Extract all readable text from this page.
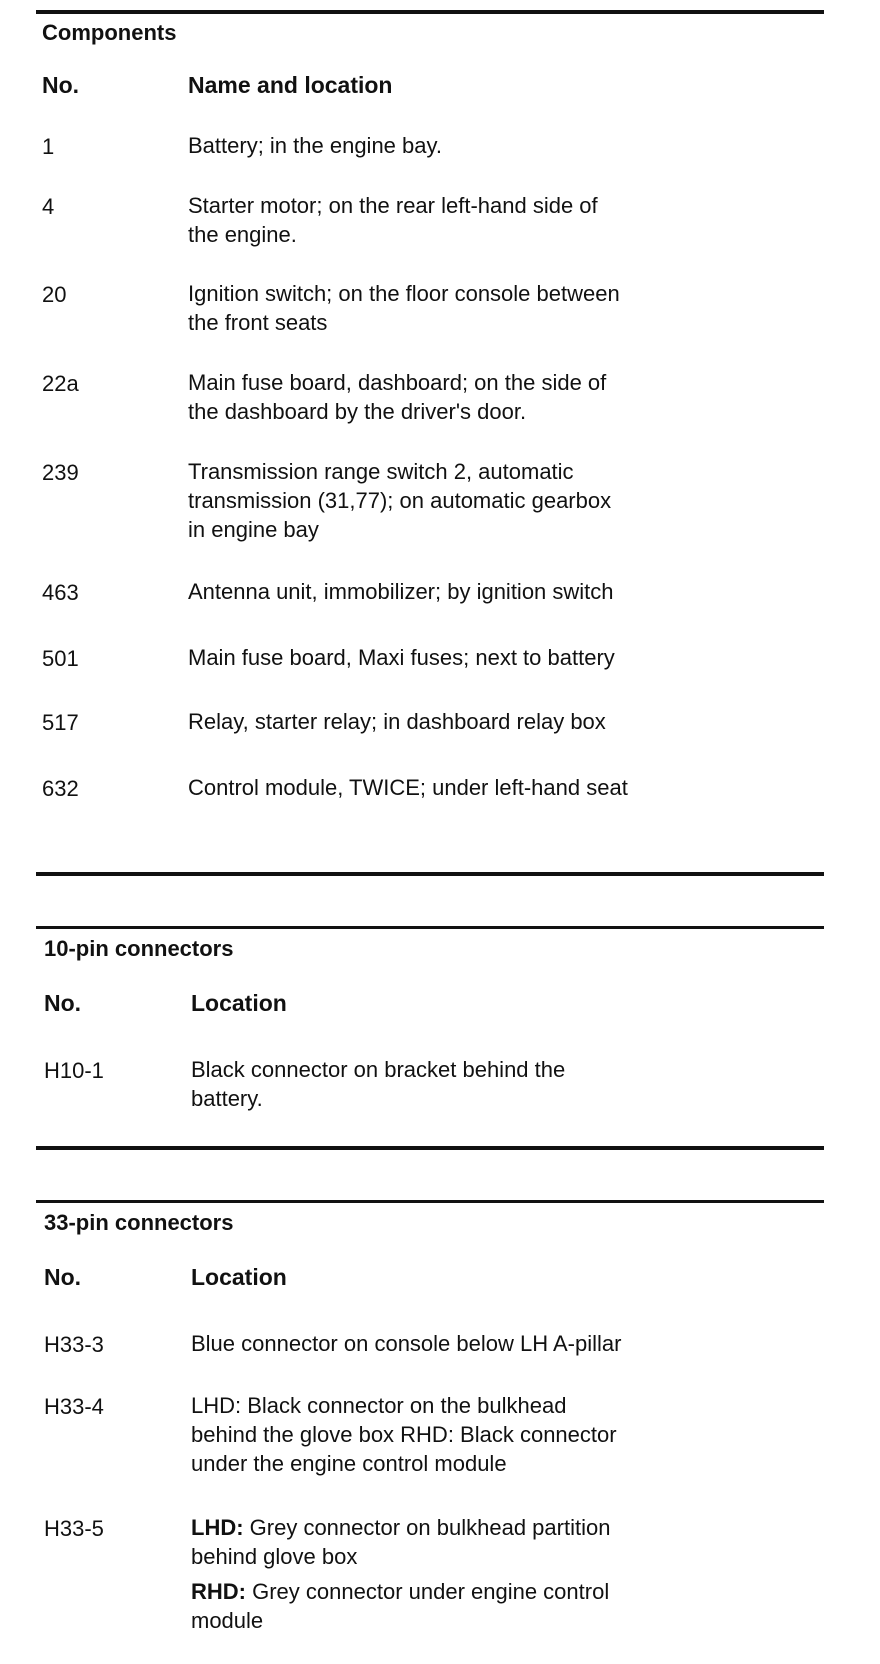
Components
No.	Name and location
1	Battery; in the engine bay.
4	Starter motor; on the rear left-hand side of
the engine.
20	Ignition switch; on the floor console between
the front seats
22a	Main fuse board, dashboard; on the side of
the dashboard by the driver's door.
239	Transmission range switch 2, automatic
transmission (31,77); on automatic gearbox
in engine bay
463	Antenna unit, immobilizer; by ignition switch
501	Main fuse board, Maxi fuses; next to battery
517	Relay, starter relay; in dashboard relay box
632	Control module, TWICE; under left-hand seat
10-pin connectors
No.	Location
H10-1	Black connector on bracket behind the
battery.
33-pin connectors
No.	Location
H33-3	Blue connector on console below LH A-pillar
H33-4	LHD: Black connector on the bulkhead
behind the glove box RHD: Black connector
under the engine control module
H33-5	LHD: Grey connector on bulkhead partition
behind glove box
RHD: Grey connector under engine control
module
